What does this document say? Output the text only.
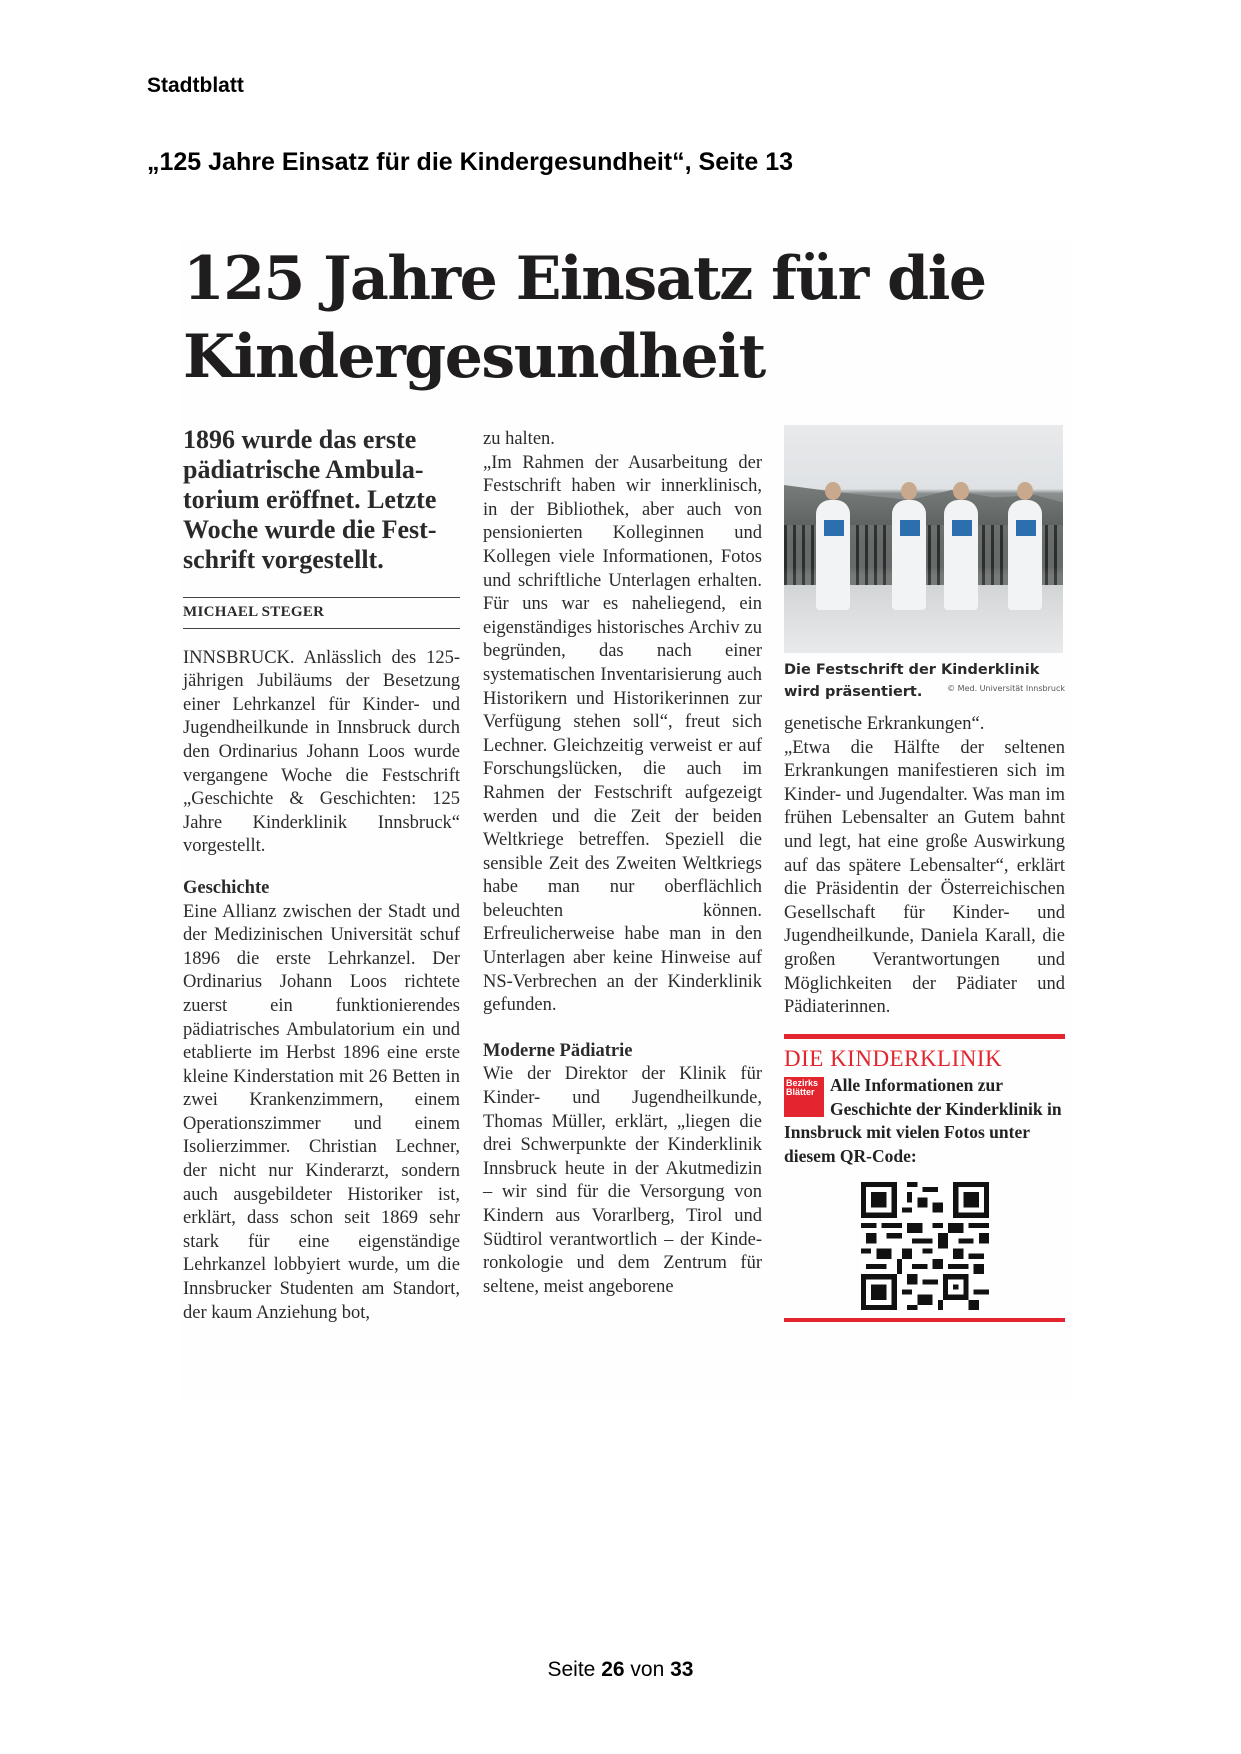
Stadtblatt
„125 Jahre Einsatz für die Kindergesundheit“, Seite 13
125 Jahre Einsatz für die Kindergesundheit

1896 wurde das erste pädiatrische Ambulatorium eröffnet. Letzte Woche wurde die Festschrift vorgestellt.

MICHAEL STEGER

INNSBRUCK. Anlässlich des 125-jährigen Jubiläums der Besetzung einer Lehrkanzel für Kinder- und Jugendheilkunde in Innsbruck durch den Ordinarius Johann Loos wurde vergangene Woche die Festschrift „Geschichte & Geschichten: 125 Jahre Kinderklinik Innsbruck“ vorgestellt.

Geschichte

Eine Allianz zwischen der Stadt und der Medizinischen Universität schuf 1896 die erste Lehrkanzel. Der Ordinarius Johann Loos richtete zuerst ein funktionierendes pädiatrisches Ambulatorium ein und etablierte im Herbst 1896 eine erste kleine Kinderstation mit 26 Betten in zwei Krankenzimmern, einem Operationszimmer und einem Isolierzimmer. Christian Lechner, der nicht nur Kinderarzt, sondern auch ausgebildeter Historiker ist, erklärt, dass schon seit 1869 sehr stark für eine eigenständige Lehrkanzel lobbyiert wurde, um die Innsbrucker Studenten am Standort, der kaum Anziehung bot,

zu halten.

„Im Rahmen der Ausarbeitung der Festschrift haben wir innerklinisch, in der Bibliothek, aber auch von pensionierten Kolleginnen und Kollegen viele Informationen, Fotos und schriftliche Unterlagen erhalten. Für uns war es naheliegend, ein eigenständiges historisches Archiv zu begründen, das nach einer systematischen Inventarisierung auch Historikern und Historikerinnen zur Verfügung stehen soll“, freut sich Lechner. Gleichzeitig verweist er auf Forschungslücken, die auch im Rahmen der Festschrift aufgezeigt werden und die Zeit der beiden Weltkriege betreffen. Speziell die sensible Zeit des Zweiten Weltkriegs habe man nur oberflächlich beleuchten können. Erfreulicherweise habe man in den Unterlagen aber keine Hinweise auf NS-Verbrechen an der Kinderklinik gefunden.

Moderne Pädiatrie

Wie der Direktor der Klinik für Kinder- und Jugendheilkunde, Thomas Müller, erklärt, „liegen die drei Schwerpunkte der Kinderklinik Innsbruck heute in der Akutmedizin – wir sind für die Versorgung von Kindern aus Vorarlberg, Tirol und Südtirol verantwortlich – der Kinderonkologie und dem Zentrum für seltene, meist angeborene

Die Festschrift der Kinderklinik wird präsentiert.	© Med. Universität Innsbruck

genetische Erkrankungen“.

„Etwa die Hälfte der seltenen Erkrankungen manifestieren sich im Kinder- und Jugendalter. Was man im frühen Lebensalter an Gutem bahnt und legt, hat eine große Auswirkung auf das spätere Lebensalter“, erklärt die Präsidentin der Österreichischen Gesellschaft für Kinder- und Jugendheilkunde, Daniela Karall, die großen Verantwortungen und Möglichkeiten der Pädiater und Pädiaterinnen.

DIE KINDERKLINIK
Bezirks Blätter Alle Informationen zur Geschichte der Kinderklinik in Innsbruck mit vielen Fotos unter diesem QR-Code:
Seite 26 von 33
